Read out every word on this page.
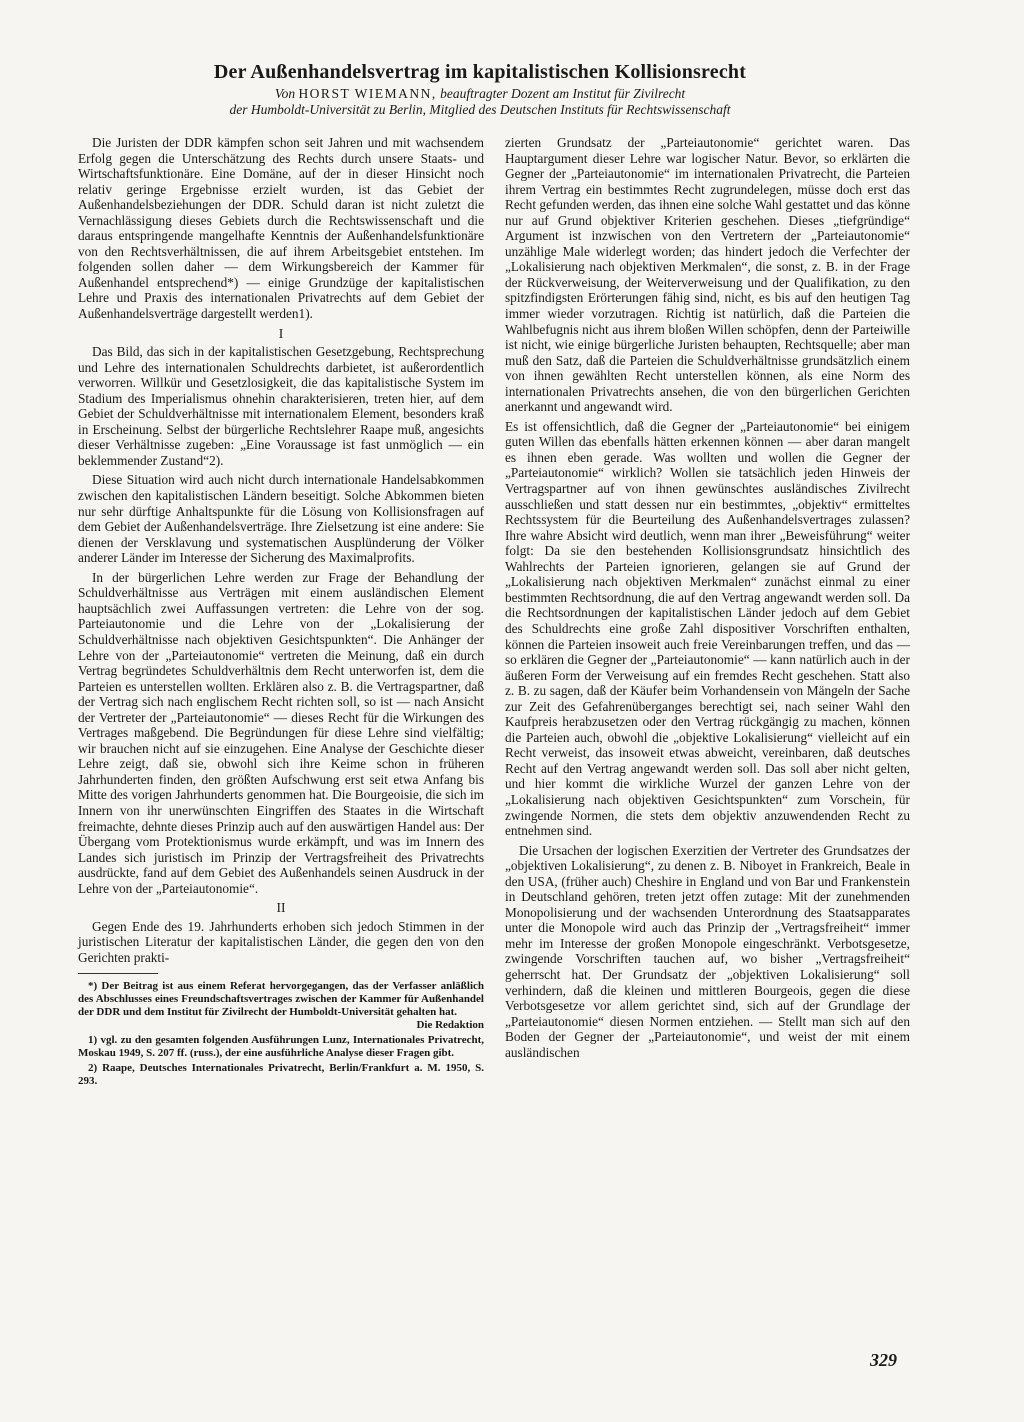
Der Außenhandelsvertrag im kapitalistischen Kollisionsrecht

Von HORST WIEMANN, beauftragter Dozent am Institut für Zivilrecht

der Humboldt-Universität zu Berlin, Mitglied des Deutschen Instituts für Rechtswissenschaft

Die Juristen der DDR kämpfen schon seit Jahren und mit wachsendem Erfolg gegen die Unterschätzung des Rechts durch unsere Staats- und Wirtschaftsfunktionäre. Eine Domäne, auf der in dieser Hinsicht noch relativ geringe Ergebnisse erzielt wurden, ist das Gebiet der Außenhandelsbeziehungen der DDR. Schuld daran ist nicht zuletzt die Vernachlässigung dieses Gebiets durch die Rechtswissenschaft und die daraus entspringende mangelhafte Kenntnis der Außenhandelsfunktionäre von den Rechtsverhältnissen, die auf ihrem Arbeitsgebiet entstehen. Im folgenden sollen daher — dem Wirkungsbereich der Kammer für Außenhandel entsprechend*) — einige Grundzüge der kapitalistischen Lehre und Praxis des internationalen Privatrechts auf dem Gebiet der Außenhandelsverträge dargestellt werden1).

I

Das Bild, das sich in der kapitalistischen Gesetzgebung, Rechtsprechung und Lehre des internationalen Schuldrechts darbietet, ist außerordentlich verworren. Willkür und Gesetzlosigkeit, die das kapitalistische System im Stadium des Imperialismus ohnehin charakterisieren, treten hier, auf dem Gebiet der Schuldverhältnisse mit internationalem Element, besonders kraß in Erscheinung. Selbst der bürgerliche Rechtslehrer Raape muß, angesichts dieser Verhältnisse zugeben: „Eine Voraussage ist fast unmöglich — ein beklemmender Zustand“2).

Diese Situation wird auch nicht durch internationale Handelsabkommen zwischen den kapitalistischen Ländern beseitigt. Solche Abkommen bieten nur sehr dürftige Anhaltspunkte für die Lösung von Kollisionsfragen auf dem Gebiet der Außenhandelsverträge. Ihre Zielsetzung ist eine andere: Sie dienen der Versklavung und systematischen Ausplünderung der Völker anderer Länder im Interesse der Sicherung des Maximalprofits.

In der bürgerlichen Lehre werden zur Frage der Behandlung der Schuldverhältnisse aus Verträgen mit einem ausländischen Element hauptsächlich zwei Auffassungen vertreten: die Lehre von der sog. Parteiautonomie und die Lehre von der „Lokalisierung der Schuldverhältnisse nach objektiven Gesichtspunkten“. Die Anhänger der Lehre von der „Parteiautonomie“ vertreten die Meinung, daß ein durch Vertrag begründetes Schuldverhältnis dem Recht unterworfen ist, dem die Parteien es unterstellen wollten. Erklären also z. B. die Vertragspartner, daß der Vertrag sich nach englischem Recht richten soll, so ist — nach Ansicht der Vertreter der „Parteiautonomie“ — dieses Recht für die Wirkungen des Vertrages maßgebend. Die Begründungen für diese Lehre sind vielfältig; wir brauchen nicht auf sie einzugehen. Eine Analyse der Geschichte dieser Lehre zeigt, daß sie, obwohl sich ihre Keime schon in früheren Jahrhunderten finden, den größten Aufschwung erst seit etwa Anfang bis Mitte des vorigen Jahrhunderts genommen hat. Die Bourgeoisie, die sich im Innern von ihr unerwünschten Eingriffen des Staates in die Wirtschaft freimachte, dehnte dieses Prinzip auch auf den auswärtigen Handel aus: Der Übergang vom Protektionismus wurde erkämpft, und was im Innern des Landes sich juristisch im Prinzip der Vertragsfreiheit des Privatrechts ausdrückte, fand auf dem Gebiet des Außenhandels seinen Ausdruck in der Lehre von der „Parteiautonomie“.

II

Gegen Ende des 19. Jahrhunderts erhoben sich jedoch Stimmen in der juristischen Literatur der kapitalistischen Länder, die gegen den von den Gerichten prakti-

*) Der Beitrag ist aus einem Referat hervorgegangen, das der Verfasser anläßlich des Abschlusses eines Freundschaftsvertrages zwischen der Kammer für Außenhandel der DDR und dem Institut für Zivilrecht der Humboldt-Universität gehalten hat.
Die Redaktion

1) vgl. zu den gesamten folgenden Ausführungen Lunz, Internationales Privatrecht, Moskau 1949, S. 207 ff. (russ.), der eine ausführliche Analyse dieser Fragen gibt.

2) Raape, Deutsches Internationales Privatrecht, Berlin/Frankfurt a. M. 1950, S. 293.

zierten Grundsatz der „Parteiautonomie“ gerichtet waren. Das Hauptargument dieser Lehre war logischer Natur. Bevor, so erklärten die Gegner der „Parteiautonomie“ im internationalen Privatrecht, die Parteien ihrem Vertrag ein bestimmtes Recht zugrundelegen, müsse doch erst das Recht gefunden werden, das ihnen eine solche Wahl gestattet und das könne nur auf Grund objektiver Kriterien geschehen. Dieses „tiefgründige“ Argument ist inzwischen von den Vertretern der „Parteiautonomie“ unzählige Male widerlegt worden; das hindert jedoch die Verfechter der „Lokalisierung nach objektiven Merkmalen“, die sonst, z. B. in der Frage der Rückverweisung, der Weiterverweisung und der Qualifikation, zu den spitzfindigsten Erörterungen fähig sind, nicht, es bis auf den heutigen Tag immer wieder vorzutragen. Richtig ist natürlich, daß die Parteien die Wahlbefugnis nicht aus ihrem bloßen Willen schöpfen, denn der Parteiwille ist nicht, wie einige bürgerliche Juristen behaupten, Rechtsquelle; aber man muß den Satz, daß die Parteien die Schuldverhältnisse grundsätzlich einem von ihnen gewählten Recht unterstellen können, als eine Norm des internationalen Privatrechts ansehen, die von den bürgerlichen Gerichten anerkannt und angewandt wird.

Es ist offensichtlich, daß die Gegner der „Parteiautonomie“ bei einigem guten Willen das ebenfalls hätten erkennen können — aber daran mangelt es ihnen eben gerade. Was wollten und wollen die Gegner der „Parteiautonomie“ wirklich? Wollen sie tatsächlich jeden Hinweis der Vertragspartner auf von ihnen gewünschtes ausländisches Zivilrecht ausschließen und statt dessen nur ein bestimmtes, „objektiv“ ermitteltes Rechtssystem für die Beurteilung des Außenhandelsvertrages zulassen? Ihre wahre Absicht wird deutlich, wenn man ihrer „Beweisführung“ weiter folgt: Da sie den bestehenden Kollisionsgrundsatz hinsichtlich des Wahlrechts der Parteien ignorieren, gelangen sie auf Grund der „Lokalisierung nach objektiven Merkmalen“ zunächst einmal zu einer bestimmten Rechtsordnung, die auf den Vertrag angewandt werden soll. Da die Rechtsordnungen der kapitalistischen Länder jedoch auf dem Gebiet des Schuldrechts eine große Zahl dispositiver Vorschriften enthalten, können die Parteien insoweit auch freie Vereinbarungen treffen, und das — so erklären die Gegner der „Parteiautonomie“ — kann natürlich auch in der äußeren Form der Verweisung auf ein fremdes Recht geschehen. Statt also z. B. zu sagen, daß der Käufer beim Vorhandensein von Mängeln der Sache zur Zeit des Gefahrenüberganges berechtigt sei, nach seiner Wahl den Kaufpreis herabzusetzen oder den Vertrag rückgängig zu machen, können die Parteien auch, obwohl die „objektive Lokalisierung“ vielleicht auf ein Recht verweist, das insoweit etwas abweicht, vereinbaren, daß deutsches Recht auf den Vertrag angewandt werden soll. Das soll aber nicht gelten, und hier kommt die wirkliche Wurzel der ganzen Lehre von der „Lokalisierung nach objektiven Gesichtspunkten“ zum Vorschein, für zwingende Normen, die stets dem objektiv anzuwendenden Recht zu entnehmen sind.

Die Ursachen der logischen Exerzitien der Vertreter des Grundsatzes der „objektiven Lokalisierung“, zu denen z. B. Niboyet in Frankreich, Beale in den USA, (früher auch) Cheshire in England und von Bar und Frankenstein in Deutschland gehören, treten jetzt offen zutage: Mit der zunehmenden Monopolisierung und der wachsenden Unterordnung des Staatsapparates unter die Monopole wird auch das Prinzip der „Vertragsfreiheit“ immer mehr im Interesse der großen Monopole eingeschränkt. Verbotsgesetze, zwingende Vorschriften tauchen auf, wo bisher „Vertragsfreiheit“ geherrscht hat. Der Grundsatz der „objektiven Lokalisierung“ soll verhindern, daß die kleinen und mittleren Bourgeois, gegen die diese Verbotsgesetze vor allem gerichtet sind, sich auf der Grundlage der „Parteiautonomie“ diesen Normen entziehen. — Stellt man sich auf den Boden der Gegner der „Parteiautonomie“, und weist der mit einem ausländischen

329
